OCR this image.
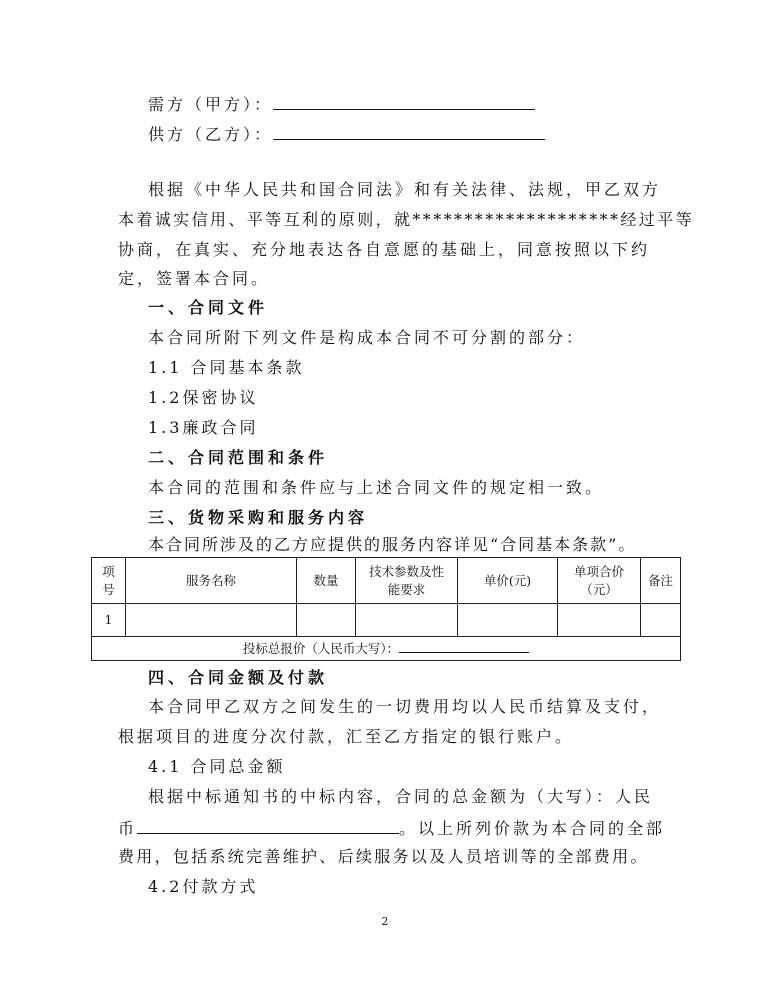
需方（甲方）：
供方（乙方）：
根据《中华人民共和国合同法》和有关法律、法规，甲乙双方
本着诚实信用、平等互利的原则，就********************经过平等
协商，在真实、充分地表达各自意愿的基础上，同意按照以下约
定，签署本合同。
一、合同文件
本合同所附下列文件是构成本合同不可分割的部分：
1.1 合同基本条款
1.2保密协议
1.3廉政合同
二、合同范围和条件
本合同的范围和条件应与上述合同文件的规定相一致。
三、货物采购和服务内容
本合同所涉及的乙方应提供的服务内容详见“合同基本条款”。
项号	服务名称	数量	技术参数及性能要求	单价(元)	单项合价（元）	备注
1						
投标总报价（人民币大写）：						
四、合同金额及付款
本合同甲乙双方之间发生的一切费用均以人民币结算及支付，
根据项目的进度分次付款，汇至乙方指定的银行账户。
4.1 合同总金额
根据中标通知书的中标内容，合同的总金额为（大写）：人民
币	。以上所列价款为本合同的全部
费用，包括系统完善维护、后续服务以及人员培训等的全部费用。
4.2付款方式
2
